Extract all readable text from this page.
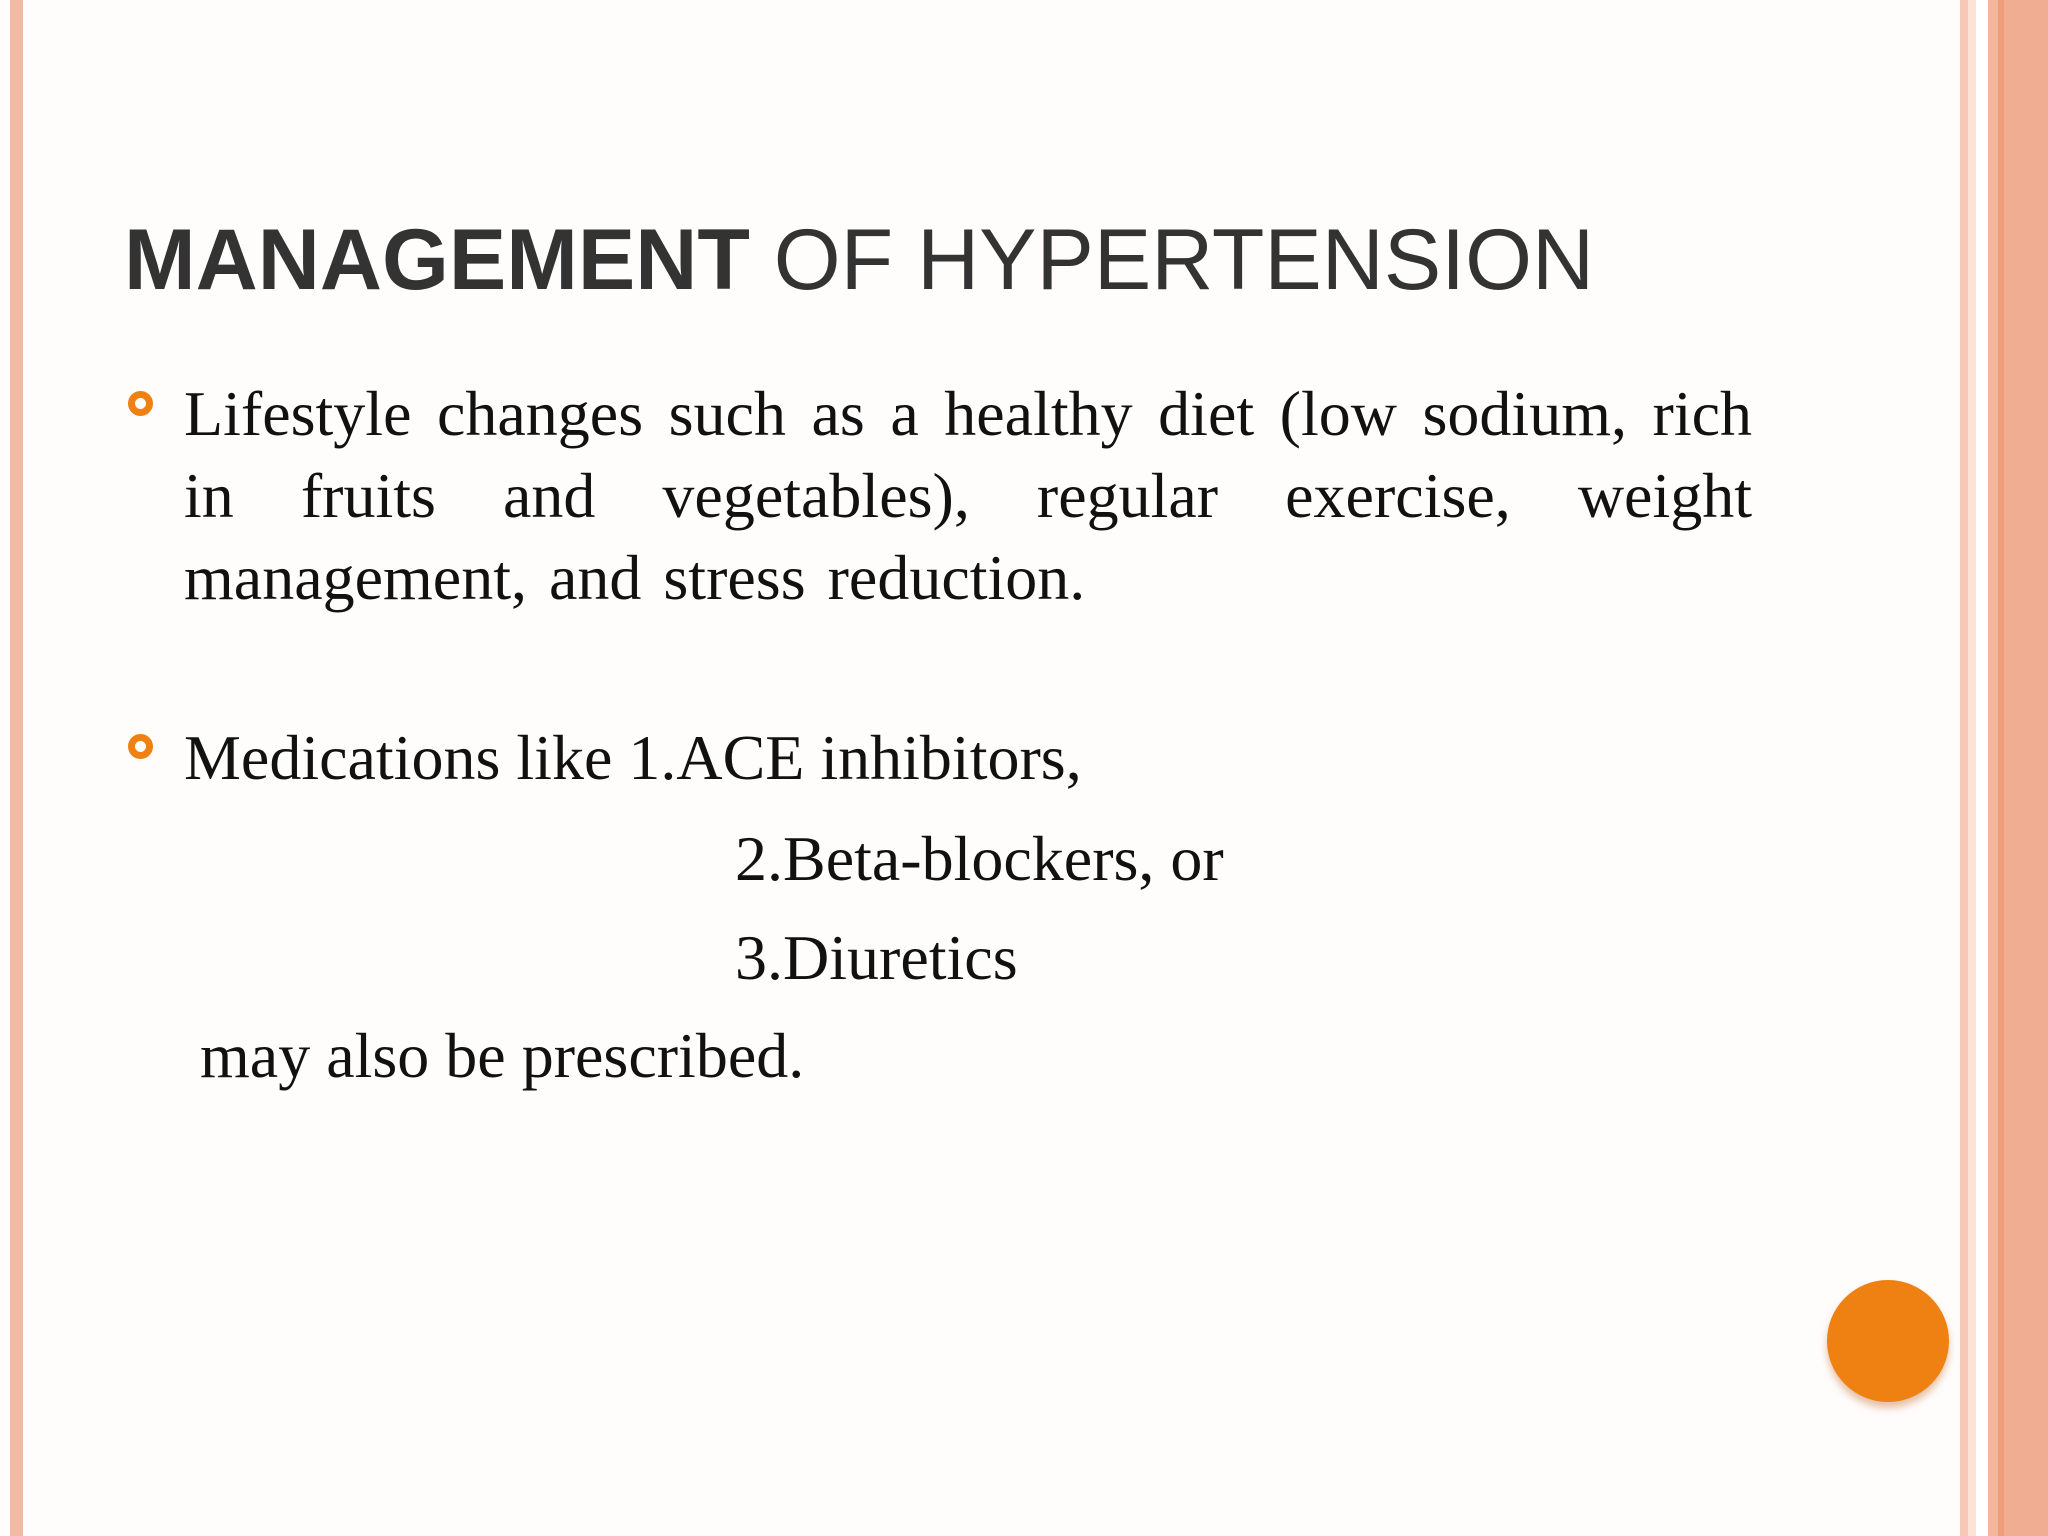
MANAGEMENT OF HYPERTENSION
Lifestyle changes such as a healthy diet (low sodium, rich in fruits and vegetables), regular exercise, weight management, and stress reduction.
Medications like 1.ACE inhibitors,
2.Beta-blockers, or
3.Diuretics
may also be prescribed.
